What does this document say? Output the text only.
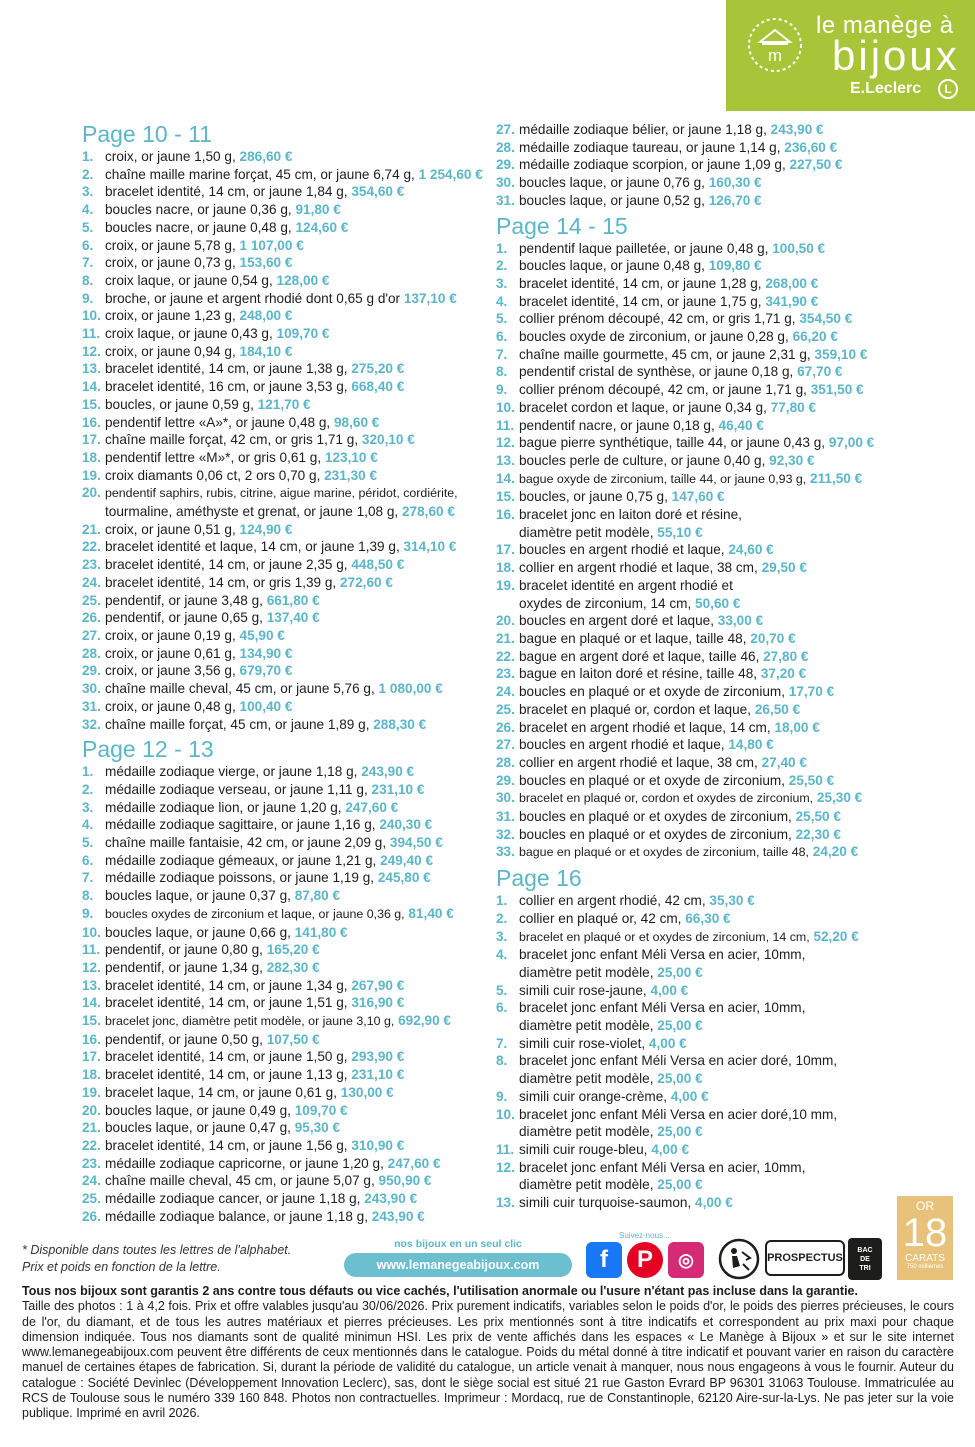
m
le manège à
bijoux
E.Leclerc	L
Page 10 - 11
1. croix, or jaune 1,50 g, 286,60 €
2. chaîne maille marine forçat, 45 cm, or jaune 6,74 g, 1 254,60 €
3. bracelet identité, 14 cm, or jaune 1,84 g, 354,60 €
4. boucles nacre, or jaune 0,36 g, 91,80 €
5. boucles nacre, or jaune 0,48 g, 124,60 €
6. croix, or jaune 5,78 g, 1 107,00 €
7. croix, or jaune 0,73 g, 153,60 €
8. croix laque, or jaune 0,54 g, 128,00 €
9. broche, or jaune et argent rhodié dont 0,65 g d'or 137,10 €
10. croix, or jaune 1,23 g, 248,00 €
11. croix laque, or jaune 0,43 g, 109,70 €
12. croix, or jaune 0,94 g, 184,10 €
13. bracelet identité, 14 cm, or jaune 1,38 g, 275,20 €
14. bracelet identité, 16 cm, or jaune 3,53 g, 668,40 €
15. boucles, or jaune 0,59 g, 121,70 €
16. pendentif lettre «A»*, or jaune 0,48 g, 98,60 €
17. chaîne maille forçat, 42 cm, or gris 1,71 g, 320,10 €
18. pendentif lettre «M»*, or gris 0,61 g, 123,10 €
19. croix diamants 0,06 ct, 2 ors 0,70 g, 231,30 €
20. pendentif saphirs, rubis, citrine, aigue marine, péridot, cordiérite,
tourmaline, améthyste et grenat, or jaune 1,08 g, 278,60 €
21. croix, or jaune 0,51 g, 124,90 €
22. bracelet identité et laque, 14 cm, or jaune 1,39 g, 314,10 €
23. bracelet identité, 14 cm, or jaune 2,35 g, 448,50 €
24. bracelet identité, 14 cm, or gris 1,39 g, 272,60 €
25. pendentif, or jaune 3,48 g, 661,80 €
26. pendentif, or jaune 0,65 g, 137,40 €
27. croix, or jaune 0,19 g, 45,90 €
28. croix, or jaune 0,61 g, 134,90 €
29. croix, or jaune 3,56 g, 679,70 €
30. chaîne maille cheval, 45 cm, or jaune 5,76 g, 1 080,00 €
31. croix, or jaune 0,48 g, 100,40 €
32. chaîne maille forçat, 45 cm, or jaune 1,89 g, 288,30 €
Page 12 - 13
1. médaille zodiaque vierge, or jaune 1,18 g, 243,90 €
2. médaille zodiaque verseau, or jaune 1,11 g, 231,10 €
3. médaille zodiaque lion, or jaune 1,20 g, 247,60 €
4. médaille zodiaque sagittaire, or jaune 1,16 g, 240,30 €
5. chaîne maille fantaisie, 42 cm, or jaune 2,09 g, 394,50 €
6. médaille zodiaque gémeaux, or jaune 1,21 g, 249,40 €
7. médaille zodiaque poissons, or jaune 1,19 g, 245,80 €
8. boucles laque, or jaune 0,37 g, 87,80 €
9. boucles oxydes de zirconium et laque, or jaune 0,36 g, 81,40 €
10. boucles laque, or jaune 0,66 g, 141,80 €
11. pendentif, or jaune 0,80 g, 165,20 €
12. pendentif, or jaune 1,34 g, 282,30 €
13. bracelet identité, 14 cm, or jaune 1,34 g, 267,90 €
14. bracelet identité, 14 cm, or jaune 1,51 g, 316,90 €
15. bracelet jonc, diamètre petit modèle, or jaune 3,10 g, 692,90 €
16. pendentif, or jaune 0,50 g, 107,50 €
17. bracelet identité, 14 cm, or jaune 1,50 g, 293,90 €
18. bracelet identité, 14 cm, or jaune 1,13 g, 231,10 €
19. bracelet laque, 14 cm, or jaune 0,61 g, 130,00 €
20. boucles laque, or jaune 0,49 g, 109,70 €
21. boucles laque, or jaune 0,47 g, 95,30 €
22. bracelet identité, 14 cm, or jaune 1,56 g, 310,90 €
23. médaille zodiaque capricorne, or jaune 1,20 g, 247,60 €
24. chaîne maille cheval, 45 cm, or jaune 5,07 g, 950,90 €
25. médaille zodiaque cancer, or jaune 1,18 g, 243,90 €
26. médaille zodiaque balance, or jaune 1,18 g, 243,90 €
27. médaille zodiaque bélier, or jaune 1,18 g, 243,90 €
28. médaille zodiaque taureau, or jaune 1,14 g, 236,60 €
29. médaille zodiaque scorpion, or jaune 1,09 g, 227,50 €
30. boucles laque, or jaune 0,76 g, 160,30 €
31. boucles laque, or jaune 0,52 g, 126,70 €
Page 14 - 15
1. pendentif laque pailletée, or jaune 0,48 g, 100,50 €
2. boucles laque, or jaune 0,48 g, 109,80 €
3. bracelet identité, 14 cm, or jaune 1,28 g, 268,00 €
4. bracelet identité, 14 cm, or jaune 1,75 g, 341,90 €
5. collier prénom découpé, 42 cm, or gris 1,71 g, 354,50 €
6. boucles oxyde de zirconium, or jaune 0,28 g, 66,20 €
7. chaîne maille gourmette, 45 cm, or jaune 2,31 g, 359,10 €
8. pendentif cristal de synthèse, or jaune 0,18 g, 67,70 €
9. collier prénom découpé, 42 cm, or jaune 1,71 g, 351,50 €
10. bracelet cordon et laque, or jaune 0,34 g, 77,80 €
11. pendentif nacre, or jaune 0,18 g, 46,40 €
12. bague pierre synthétique, taille 44, or jaune 0,43 g, 97,00 €
13. boucles perle de culture, or jaune 0,40 g, 92,30 €
14. bague oxyde de zirconium, taille 44, or jaune 0,93 g, 211,50 €
15. boucles, or jaune 0,75 g, 147,60 €
16. bracelet jonc en laiton doré et résine,
diamètre petit modèle, 55,10 €
17. boucles en argent rhodié et laque, 24,60 €
18. collier en argent rhodié et laque, 38 cm, 29,50 €
19. bracelet identité en argent rhodié et
oxydes de zirconium, 14 cm, 50,60 €
20. boucles en argent doré et laque, 33,00 €
21. bague en plaqué or et laque, taille 48, 20,70 €
22. bague en argent doré et laque, taille 46, 27,80 €
23. bague en laiton doré et résine, taille 48, 37,20 €
24. boucles en plaqué or et oxyde de zirconium, 17,70 €
25. bracelet en plaqué or, cordon et laque, 26,50 €
26. bracelet en argent rhodié et laque, 14 cm, 18,00 €
27. boucles en argent rhodié et laque, 14,80 €
28. collier en argent rhodié et laque, 38 cm, 27,40 €
29. boucles en plaqué or et oxyde de zirconium, 25,50 €
30. bracelet en plaqué or, cordon et oxydes de zirconium, 25,30 €
31. boucles en plaqué or et oxydes de zirconium, 25,50 €
32. boucles en plaqué or et oxydes de zirconium, 22,30 €
33. bague en plaqué or et oxydes de zirconium, taille 48, 24,20 €
Page 16
1. collier en argent rhodié, 42 cm, 35,30 €
2. collier en plaqué or, 42 cm, 66,30 €
3. bracelet en plaqué or et oxydes de zirconium, 14 cm, 52,20 €
4. bracelet jonc enfant Méli Versa en acier, 10mm,
diamètre petit modèle, 25,00 €
5. simili cuir rose-jaune, 4,00 €
6. bracelet jonc enfant Méli Versa en acier, 10mm,
diamètre petit modèle, 25,00 €
7. simili cuir rose-violet, 4,00 €
8. bracelet jonc enfant Méli Versa en acier doré, 10mm,
diamètre petit modèle, 25,00 €
9. simili cuir orange-crème, 4,00 €
10. bracelet jonc enfant Méli Versa en acier doré,10 mm,
diamètre petit modèle, 25,00 €
11. simili cuir rouge-bleu, 4,00 €
12. bracelet jonc enfant Méli Versa en acier, 10mm,
diamètre petit modèle, 25,00 €
13. simili cuir turquoise-saumon, 4,00 €
* Disponible dans toutes les lettres de l'alphabet.
Prix et poids en fonction de la lettre.
nos bijoux en un seul clic
www.lemanegeabijoux.com
Suivez-nous...
f	P	◎	PROSPECTUS
BAC
DE
TRI
OR
18
CARATS
750 millièmes

Tous nos bijoux sont garantis 2 ans contre tous défauts ou vice cachés, l'utilisation anormale ou l'usure n'étant pas incluse dans la garantie.

Taille des photos : 1 à 4,2 fois. Prix et offre valables jusqu'au 30/06/2026. Prix purement indicatifs, variables selon le poids d'or, le poids des pierres précieuses, le cours de l'or, du diamant, et de tous les autres matériaux et pierres précieuses. Les prix mentionnés sont à titre indicatifs et correspondent au prix maxi pour chaque dimension indiquée. Tous nos diamants sont de qualité minimun HSI. Les prix de vente affichés dans les espaces « Le Manège à Bijoux » et sur le site internet www.lemanegeabijoux.com peuvent être différents de ceux mentionnés dans le catalogue. Poids du métal donné à titre indicatif et pouvant varier en raison du caractère manuel de certaines étapes de fabrication. Si, durant la période de validité du catalogue, un article venait à manquer, nous nous engageons à vous le fournir. Auteur du catalogue : Société Devinlec (Développement Innovation Leclerc), sas, dont le siège social est situé 21 rue Gaston Evrard BP 96301 31063 Toulouse. Immatriculée au RCS de Toulouse sous le numéro 339 160 848. Photos non contractuelles. Imprimeur : Mordacq, rue de Constantinople, 62120 Aire-sur-la-Lys. Ne pas jeter sur la voie publique. Imprimé en avril 2026.
